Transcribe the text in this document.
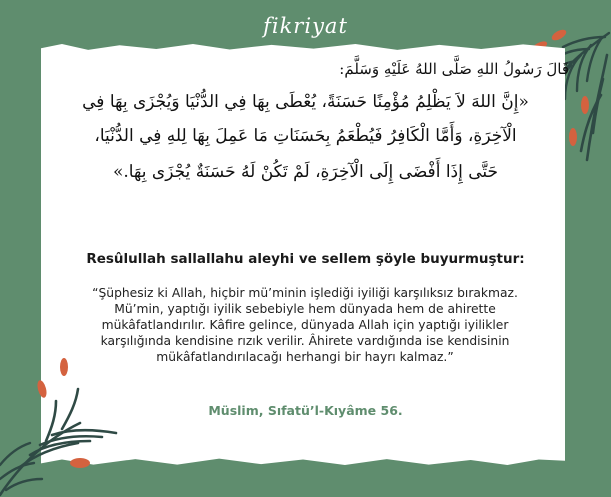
fikriyat
قَالَ رَسُولُ اللهِ صَلَّى اللهُ عَلَيْهِ وَسَلَّمَ:
«إِنَّ اللهَ لاَ يَظْلِمُ مُؤْمِنًا حَسَنَةً، يُعْطَى بِهَا فِي الدُّنْيَا وَيُجْزَى بِهَا فِي
الْآخِرَةِ، وَأَمَّا الْكَافِرُ فَيُطْعَمُ بِحَسَنَاتِ مَا عَمِلَ بِهَا لِلهِ فِي الدُّنْيَا،
حَتَّى إِذَا أَفْضَى إِلَى الْآخِرَةِ، لَمْ تَكُنْ لَهُ حَسَنَةٌ يُجْزَى بِهَا.»
Resûlullah sallallahu aleyhi ve sellem şöyle buyurmuştur:
“Şüphesiz ki Allah, hiçbir mü’minin işlediği iyiliği karşılıksız bırakmaz. Mü’min, yaptığı iyilik sebebiyle hem dünyada hem de ahirette mükâfatlandırılır. Kâfire gelince, dünyada Allah için yaptığı iyilikler karşılığında kendisine rızık verilir. Âhirete vardığında ise kendisinin mükâfatlandırılacağı herhangi bir hayrı kalmaz.”
Müslim, Sıfatü’l-Kıyâme 56.
